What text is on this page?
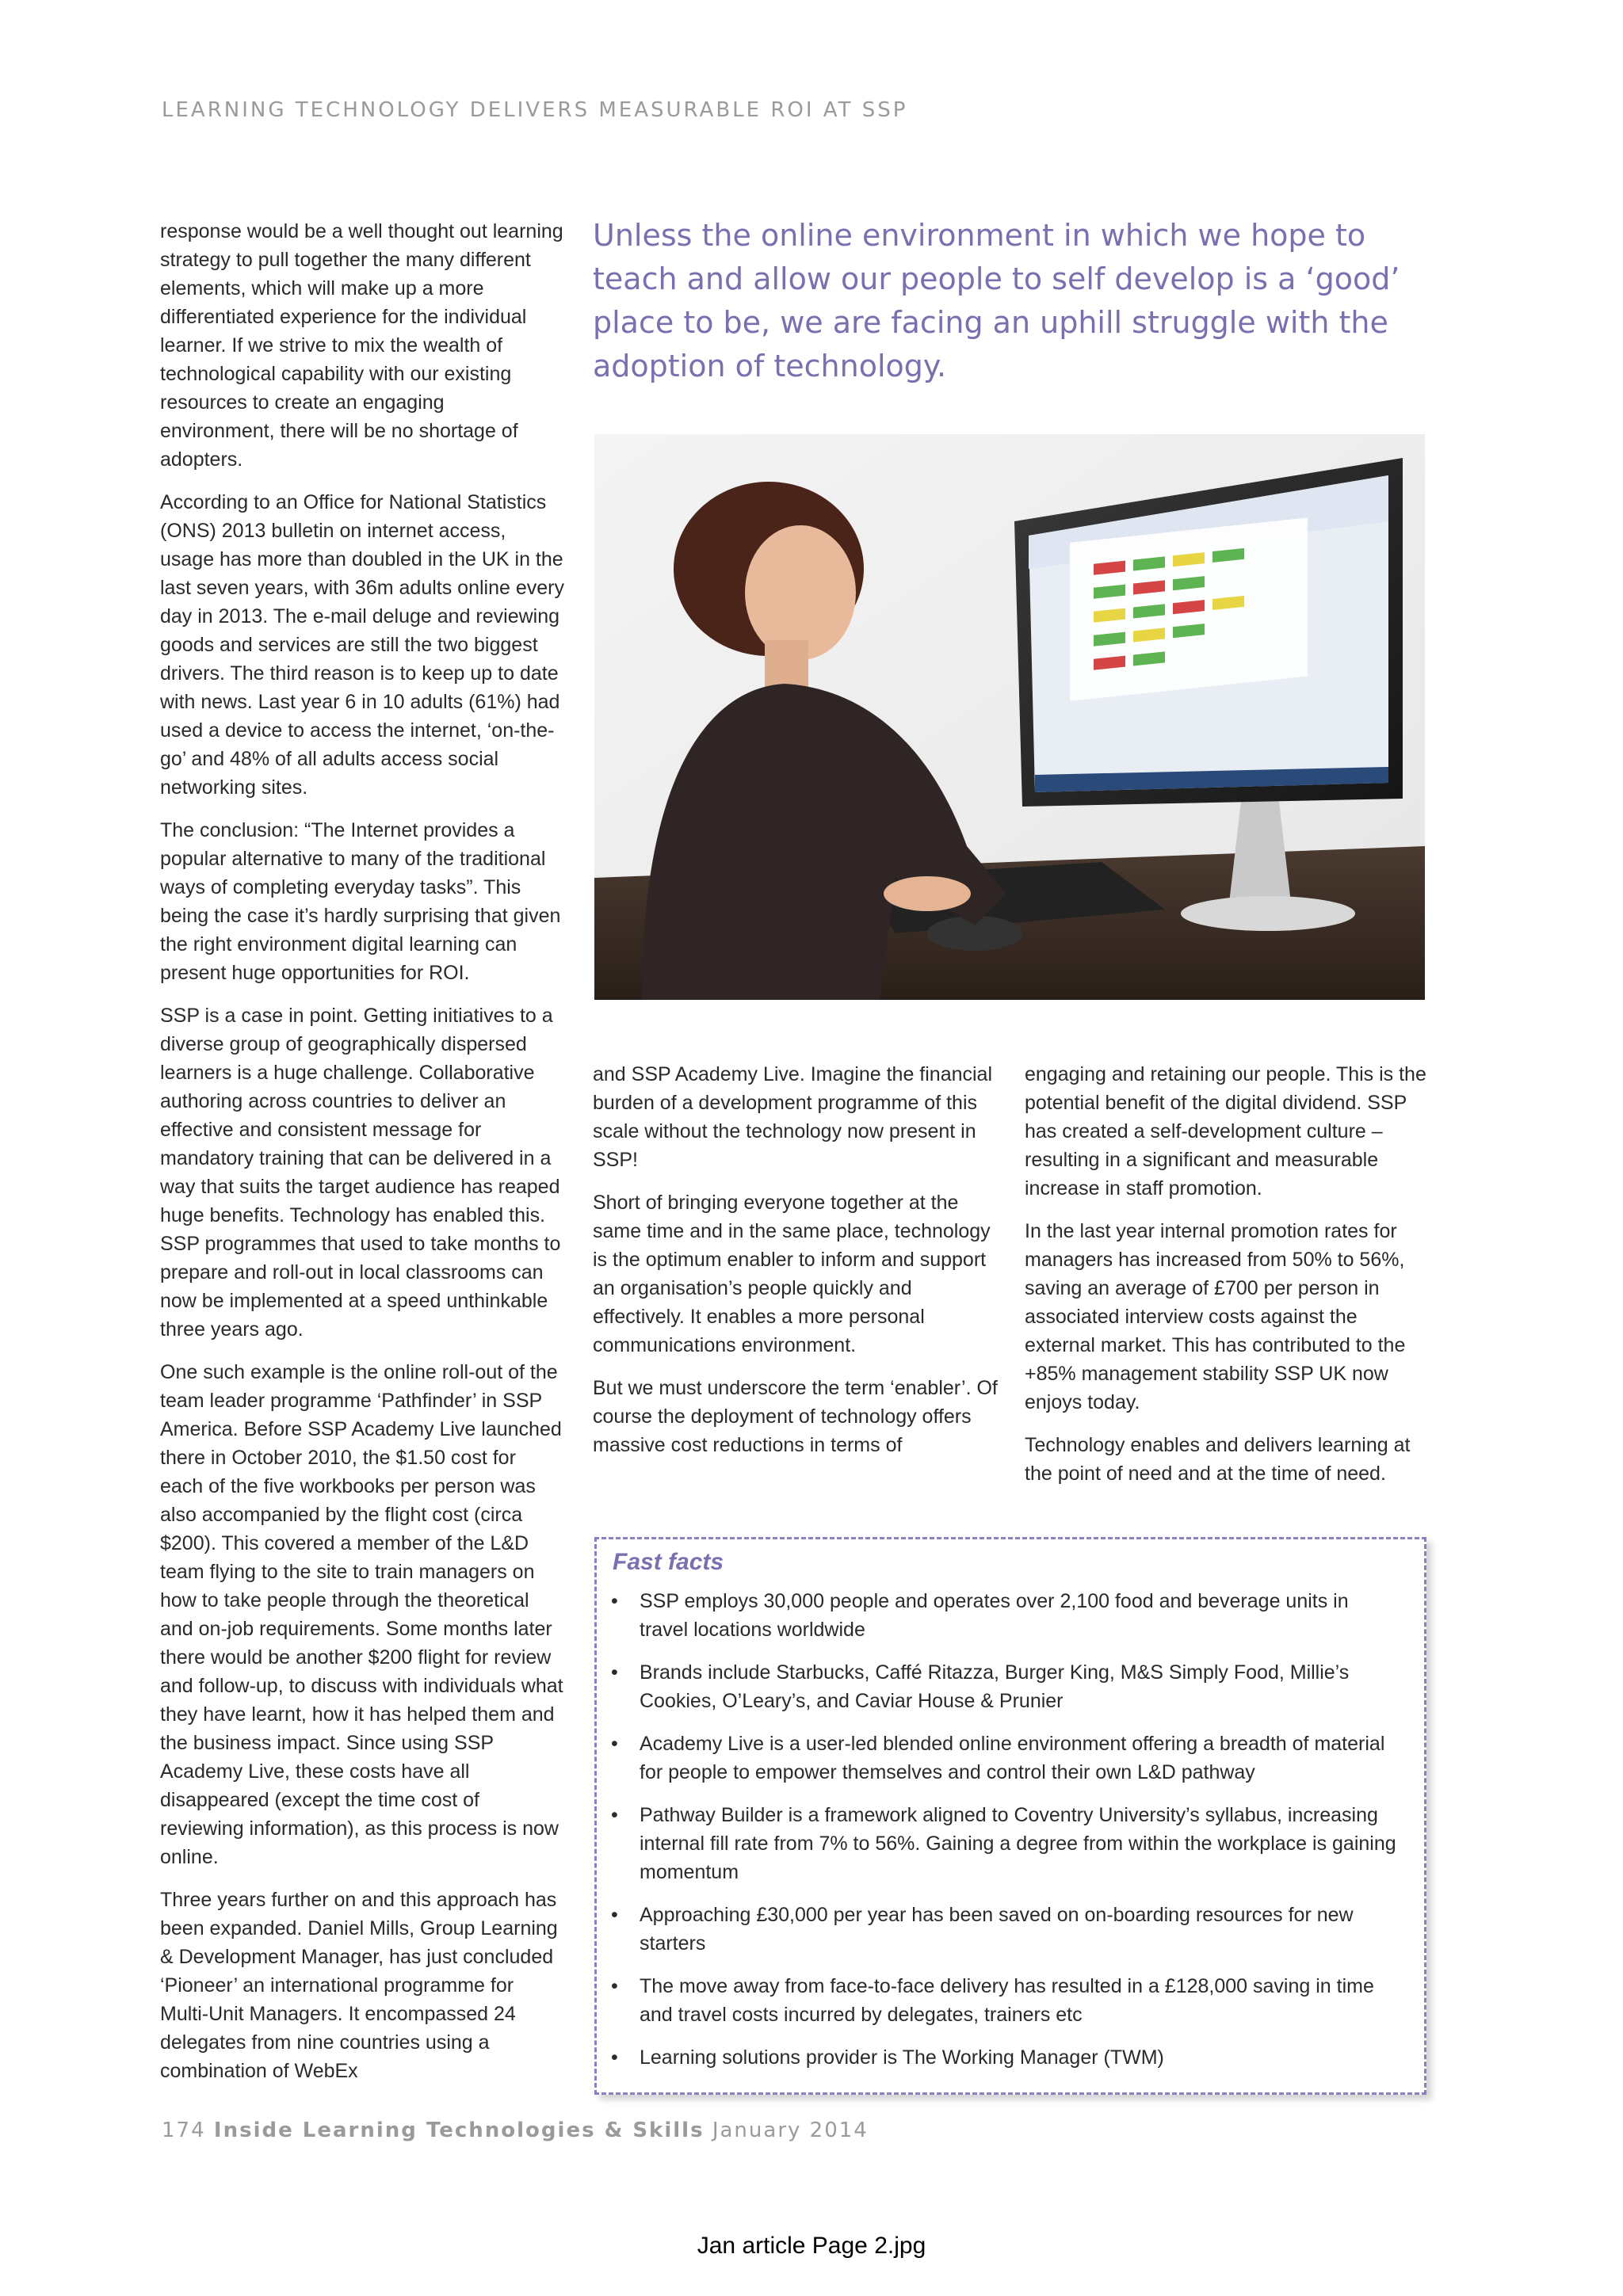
LEARNING TECHNOLOGY DELIVERS MEASURABLE ROI AT SSP

response would be a well thought out learning strategy to pull together the many different elements, which will make up a more differentiated experience for the individual learner. If we strive to mix the wealth of technological capability with our existing resources to create an engaging environment, there will be no shortage of adopters.

According to an Office for National Statistics (ONS) 2013 bulletin on internet access, usage has more than doubled in the UK in the last seven years, with 36m adults online every day in 2013. The e-mail deluge and reviewing goods and services are still the two biggest drivers. The third reason is to keep up to date with news. Last year 6 in 10 adults (61%) had used a device to access the internet, ‘on-the-go’ and 48% of all adults access social networking sites.

The conclusion: “The Internet provides a popular alternative to many of the traditional ways of completing everyday tasks”. This being the case it’s hardly surprising that given the right environment digital learning can present huge opportunities for ROI.

SSP is a case in point. Getting initiatives to a diverse group of geographically dispersed learners is a huge challenge. Collaborative authoring across countries to deliver an effective and consistent message for mandatory training that can be delivered in a way that suits the target audience has reaped huge benefits. Technology has enabled this. SSP programmes that used to take months to prepare and roll-out in local classrooms can now be implemented at a speed unthinkable three years ago.

One such example is the online roll-out of the team leader programme ‘Pathfinder’ in SSP America. Before SSP Academy Live launched there in October 2010, the $1.50 cost for each of the five workbooks per person was also accompanied by the flight cost (circa $200). This covered a member of the L&D team flying to the site to train managers on how to take people through the theoretical and on-job requirements. Some months later there would be another $200 flight for review and follow-up, to discuss with individuals what they have learnt, how it has helped them and the business impact. Since using SSP Academy Live, these costs have all disappeared (except the time cost of reviewing information), as this process is now online.

Three years further on and this approach has been expanded. Daniel Mills, Group Learning & Development Manager, has just concluded ‘Pioneer’ an international programme for Multi-Unit Managers. It encompassed 24 delegates from nine countries using a combination of WebEx

Unless the online environment in which we hope to teach and allow our people to self develop is a ‘good’ place to be, we are facing an uphill struggle with the adoption of technology.

and SSP Academy Live. Imagine the financial burden of a development programme of this scale without the technology now present in SSP!

Short of bringing everyone together at the same time and in the same place, technology is the optimum enabler to inform and support an organisation’s people quickly and effectively. It enables a more personal communications environment.

But we must underscore the term ‘enabler’. Of course the deployment of technology offers massive cost reductions in terms of

engaging and retaining our people. This is the potential benefit of the digital dividend. SSP has created a self-development culture – resulting in a significant and measurable increase in staff promotion.

In the last year internal promotion rates for managers has increased from 50% to 56%, saving an average of £700 per person in associated interview costs against the external market. This has contributed to the +85% management stability SSP UK now enjoys today.

Technology enables and delivers learning at the point of need and at the time of need.

Fast facts
• SSP employs 30,000 people and operates over 2,100 food and beverage units in travel locations worldwide
• Brands include Starbucks, Caffé Ritazza, Burger King, M&S Simply Food, Millie’s Cookies, O’Leary’s, and Caviar House & Prunier
• Academy Live is a user-led blended online environment offering a breadth of material for people to empower themselves and control their own L&D pathway
• Pathway Builder is a framework aligned to Coventry University’s syllabus, increasing internal fill rate from 7% to 56%. Gaining a degree from within the workplace is gaining momentum
• Approaching £30,000 per year has been saved on on-boarding resources for new starters
• The move away from face-to-face delivery has resulted in a £128,000 saving in time and travel costs incurred by delegates, trainers etc
• Learning solutions provider is The Working Manager (TWM)
174 Inside Learning Technologies & Skills January 2014
Jan article Page 2.jpg
